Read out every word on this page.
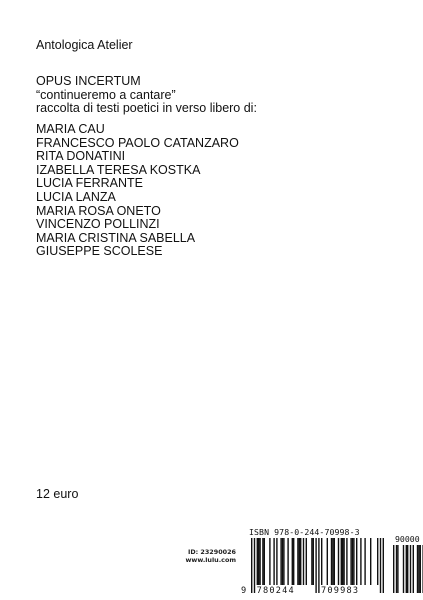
Antologica Atelier
OPUS INCERTUM
“continueremo a cantare”
raccolta di testi poetici in verso libero di:
MARIA CAU
FRANCESCO PAOLO CATANZARO
RITA DONATINI
IZABELLA TERESA KOSTKA
LUCIA FERRANTE
LUCIA LANZA
MARIA ROSA ONETO
VINCENZO POLLINZI
MARIA CRISTINA SABELLA
GIUSEPPE SCOLESE
12 euro
ID: 23290026
www.lulu.com
ISBN 978-0-244-70998-3
90000
9 780244	709983
